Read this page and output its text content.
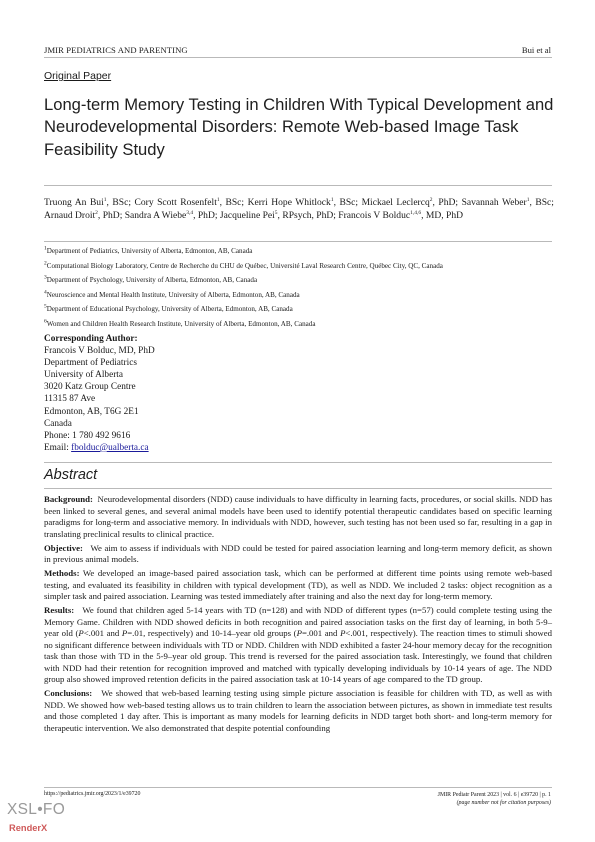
JMIR PEDIATRICS AND PARENTING	Bui et al
Original Paper
Long-term Memory Testing in Children With Typical Development and Neurodevelopmental Disorders: Remote Web-based Image Task Feasibility Study
Truong An Bui$^1$, BSc; Cory Scott Rosenfelt$^1$, BSc; Kerri Hope Whitlock$^1$, BSc; Mickael Leclercq$^2$, PhD; Savannah Weber$^1$, BSc; Arnaud Droit$^2$, PhD; Sandra A Wiebe$^{3,4}$, PhD; Jacqueline Pei$^5$, RPsych, PhD; Francois V Bolduc$^{1,4,6}$, MD, PhD
$^1$Department of Pediatrics, University of Alberta, Edmonton, AB, Canada
$^2$Computational Biology Laboratory, Centre de Recherche du CHU de Québec, Université Laval Research Centre, Québec City, QC, Canada
$^3$Department of Psychology, University of Alberta, Edmonton, AB, Canada
$^4$Neuroscience and Mental Health Institute, University of Alberta, Edmonton, AB, Canada
$^5$Department of Educational Psychology, University of Alberta, Edmonton, AB, Canada
$^6$Women and Children Health Research Institute, University of Alberta, Edmonton, AB, Canada
Corresponding Author:
Francois V Bolduc, MD, PhD
Department of Pediatrics
University of Alberta
3020 Katz Group Centre
11315 87 Ave
Edmonton, AB, T6G 2E1
Canada
Phone: 1 780 492 9616
Email: fbolduc@ualberta.ca
Abstract

Background: Neurodevelopmental disorders (NDD) cause individuals to have difficulty in learning facts, procedures, or social skills. NDD has been linked to several genes, and several animal models have been used to identify potential therapeutic candidates based on specific learning paradigms for long-term and associative memory. In individuals with NDD, however, such testing has not been used so far, resulting in a gap in translating preclinical results to clinical practice.

Objective: We aim to assess if individuals with NDD could be tested for paired association learning and long-term memory deficit, as shown in previous animal models.

Methods: We developed an image-based paired association task, which can be performed at different time points using remote web-based testing, and evaluated its feasibility in children with typical development (TD), as well as NDD. We included 2 tasks: object recognition as a simpler task and paired association. Learning was tested immediately after training and also the next day for long-term memory.

Results: We found that children aged 5-14 years with TD (n=128) and with NDD of different types (n=57) could complete testing using the Memory Game. Children with NDD showed deficits in both recognition and paired association tasks on the first day of learning, in both 5-9–year old (P<.001 and P=.01, respectively) and 10-14–year old groups (P=.001 and P<.001, respectively). The reaction times to stimuli showed no significant difference between individuals with TD or NDD. Children with NDD exhibited a faster 24-hour memory decay for the recognition task than those with TD in the 5-9–year old group. This trend is reversed for the paired association task. Interestingly, we found that children with NDD had their retention for recognition improved and matched with typically developing individuals by 10-14 years of age. The NDD group also showed improved retention deficits in the paired association task at 10-14 years of age compared to the TD group.

Conclusions: We showed that web-based learning testing using simple picture association is feasible for children with TD, as well as with NDD. We showed how web-based testing allows us to train children to learn the association between pictures, as shown in immediate test results and those completed 1 day after. This is important as many models for learning deficits in NDD target both short- and long-term memory for therapeutic intervention. We also demonstrated that despite potential confounding

https://pediatrics.jmir.org/2023/1/e39720	JMIR Pediatr Parent 2023 | vol. 6 | e39720 | p. 1
(page number not for citation purposes)
XSL•FO
RenderX
